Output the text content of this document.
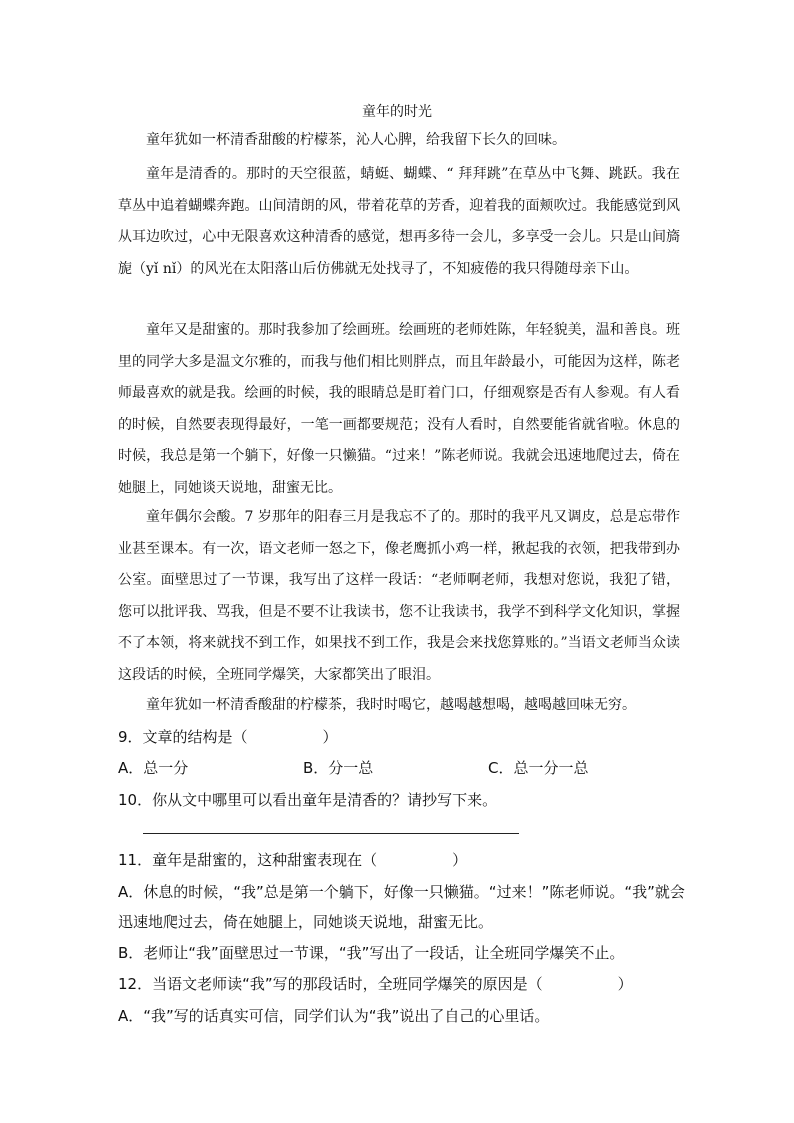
童年的时光

童年犹如一杯清香甜酸的柠檬茶，沁人心脾，给我留下长久的回味。

童年是清香的。那时的天空很蓝，蜻蜓、蝴蝶、“ 拜拜跳”在草丛中飞舞、跳跃。我在草丛中追着蝴蝶奔跑。山间清朗的风，带着花草的芳香，迎着我的面颊吹过。我能感觉到风从耳边吹过，心中无限喜欢这种清香的感觉，想再多待一会儿，多享受一会儿。只是山间旖旎（yǐ nǐ）的风光在太阳落山后仿佛就无处找寻了，不知疲倦的我只得随母亲下山。

童年又是甜蜜的。那时我参加了绘画班。绘画班的老师姓陈，年轻貌美，温和善良。班里的同学大多是温文尔雅的，而我与他们相比则胖点，而且年龄最小，可能因为这样，陈老师最喜欢的就是我。绘画的时候，我的眼睛总是盯着门口，仔细观察是否有人参观。有人看的时候，自然要表现得最好，一笔一画都要规范；没有人看时，自然要能省就省啦。休息的时候，我总是第一个躺下，好像一只懒猫。“过来！”陈老师说。我就会迅速地爬过去，倚在她腿上，同她谈天说地，甜蜜无比。

童年偶尔会酸。7 岁那年的阳春三月是我忘不了的。那时的我平凡又调皮，总是忘带作业甚至课本。有一次，语文老师一怒之下，像老鹰抓小鸡一样，揪起我的衣领，把我带到办公室。面壁思过了一节课，我写出了这样一段话：“老师啊老师，我想对您说，我犯了错，您可以批评我、骂我，但是不要不让我读书，您不让我读书，我学不到科学文化知识，掌握不了本领，将来就找不到工作，如果找不到工作，我是会来找您算账的。”当语文老师当众读这段话的时候，全班同学爆笑，大家都笑出了眼泪。

童年犹如一杯清香酸甜的柠檬茶，我时时喝它，越喝越想喝，越喝越回味无穷。

9．文章的结构是（　　　　　）

A．总一分	B．分一总	C．总一分一总

10．你从文中哪里可以看出童年是清香的？请抄写下来。

11．童年是甜蜜的，这种甜蜜表现在（　　　　　）

A．休息的时候，“我”总是第一个躺下，好像一只懒猫。“过来！”陈老师说。“我”就会迅速地爬过去，倚在她腿上，同她谈天说地，甜蜜无比。

B．老师让“我”面壁思过一节课，“我”写出了一段话，让全班同学爆笑不止。

12．当语文老师读“我”写的那段话时，全班同学爆笑的原因是（　　　　　）

A．“我”写的话真实可信，同学们认为“我”说出了自己的心里话。
